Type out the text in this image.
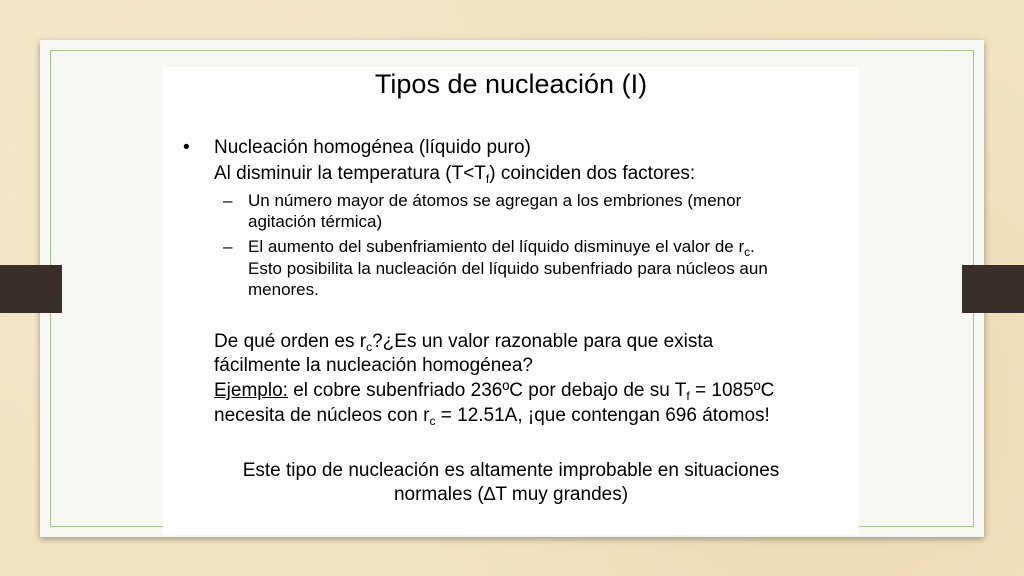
Tipos de nucleación (I)
• Nucleación homogénea (líquido puro)
Al disminuir la temperatura $(T<T_f)$ coinciden dos factores:
– Un número mayor de átomos se agregan a los embriones (menor
agitación térmica)
– El aumento del subenfriamiento del líquido disminuye el valor de $r_c$.
Esto posibilita la nucleación del líquido subenfriado para núcleos aun
menores.
De qué orden es $r_c?¿Es$ un valor razonable para que exista
fácilmente la nucleación homogénea?
Ejemplo: el cobre subenfriado 236ºC por debajo de su $T_f$ = 1085ºC
necesita de núcleos con $r_c = 12.51A$, ¡que contengan 696 átomos!
Este tipo de nucleación es altamente improbable en situaciones
normales (∆T muy grandes)
